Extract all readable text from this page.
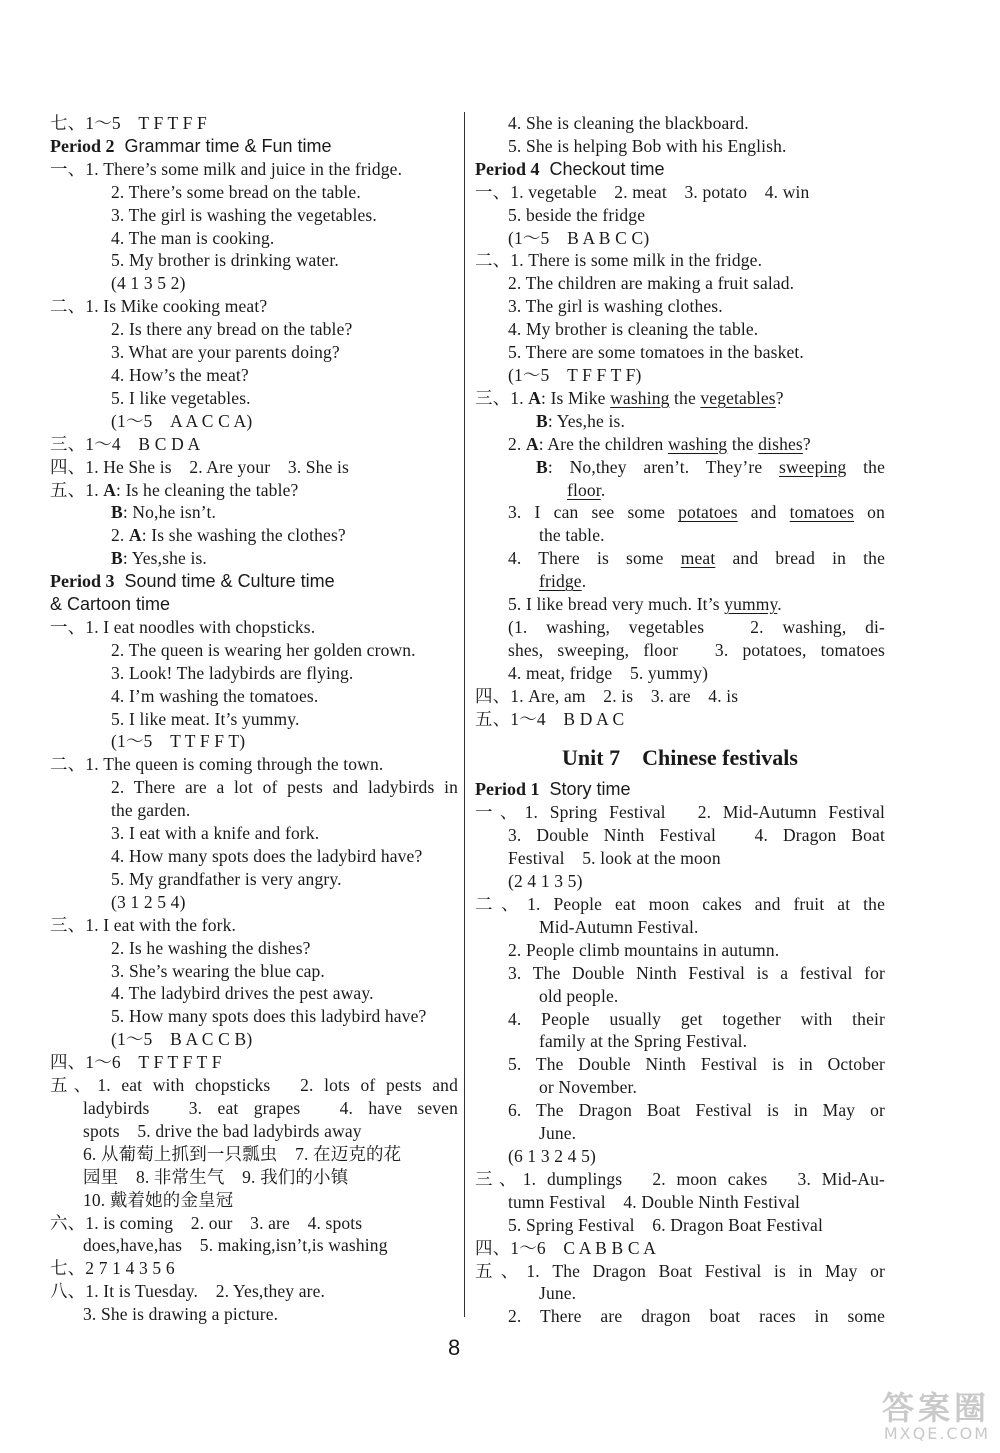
七、1～5　T F T F F
Period 2 Grammar time & Fun time
一、1. There’s some milk and juice in the fridge.
2. There’s some bread on the table.
3. The girl is washing the vegetables.
4. The man is cooking.
5. My brother is drinking water.
(4 1 3 5 2)
二、1. Is Mike cooking meat?
2. Is there any bread on the table?
3. What are your parents doing?
4. How’s the meat?
5. I like vegetables.
(1～5　A A C C A)
三、1～4　B C D A
四、1. He She is　2. Are your　3. She is
五、1. A: Is he cleaning the table?
B: No,he isn’t.
2. A: Is she washing the clothes?
B: Yes,she is.
Period 3 Sound time & Culture time
& Cartoon time
一、1. I eat noodles with chopsticks.
2. The queen is wearing her golden crown.
3. Look! The ladybirds are flying.
4. I’m washing the tomatoes.
5. I like meat. It’s yummy.
(1～5　T T F F T)
二、1. The queen is coming through the town.
2. There are a lot of pests and ladybirds in
the garden.
3. I eat with a knife and fork.
4. How many spots does the ladybird have?
5. My grandfather is very angry.
(3 1 2 5 4)
三、1. I eat with the fork.
2. Is he washing the dishes?
3. She’s wearing the blue cap.
4. The ladybird drives the pest away.
5. How many spots does this ladybird have?
(1～5　B A C C B)
四、1～6　T F T F T F
五、1. eat with chopsticks　2. lots of pests and
ladybirds　3. eat grapes　4. have seven
spots　5. drive the bad ladybirds away
6. 从葡萄上抓到一只瓢虫　7. 在迈克的花
园里　8. 非常生气　9. 我们的小镇
10. 戴着她的金皇冠
六、1. is coming　2. our　3. are　4. spots
does,have,has　5. making,isn’t,is washing
七、2 7 1 4 3 5 6
八、1. It is Tuesday.　2. Yes,they are.
3. She is drawing a picture.
4. She is cleaning the blackboard.
5. She is helping Bob with his English.
Period 4 Checkout time
一、1. vegetable　2. meat　3. potato　4. win
5. beside the fridge
(1～5　B A B C C)
二、1. There is some milk in the fridge.
2. The children are making a fruit salad.
3. The girl is washing clothes.
4. My brother is cleaning the table.
5. There are some tomatoes in the basket.
(1～5　T F F T F)
三、1. A: Is Mike washing the vegetables?
B: Yes,he is.
2. A: Are the children washing the dishes?
B: No,they aren’t. They’re sweeping the
floor.
3. I can see some potatoes and tomatoes on
the table.
4. There is some meat and bread in the
fridge.
5. I like bread very much. It’s yummy.
(1. washing, vegetables　2. washing, di-
shes, sweeping, floor　3. potatoes, tomatoes
4. meat, fridge　5. yummy)
四、1. Are, am　2. is　3. are　4. is
五、1～4　B D A C
Unit 7　Chinese festivals
Period 1 Story time
一、1. Spring Festival　2. Mid-Autumn Festival
3. Double Ninth Festival　4. Dragon Boat
Festival　5. look at the moon
(2 4 1 3 5)
二、1. People eat moon cakes and fruit at the
Mid-Autumn Festival.
2. People climb mountains in autumn.
3. The Double Ninth Festival is a festival for
old people.
4. People usually get together with their
family at the Spring Festival.
5. The Double Ninth Festival is in October
or November.
6. The Dragon Boat Festival is in May or
June.
(6 1 3 2 4 5)
三、1. dumplings　2. moon cakes　3. Mid-Au-
tumn Festival　4. Double Ninth Festival
5. Spring Festival　6. Dragon Boat Festival
四、1～6　C A B B C A
五、1. The Dragon Boat Festival is in May or
June.
2. There are dragon boat races in some
8
答案圈
MXQE.COM
